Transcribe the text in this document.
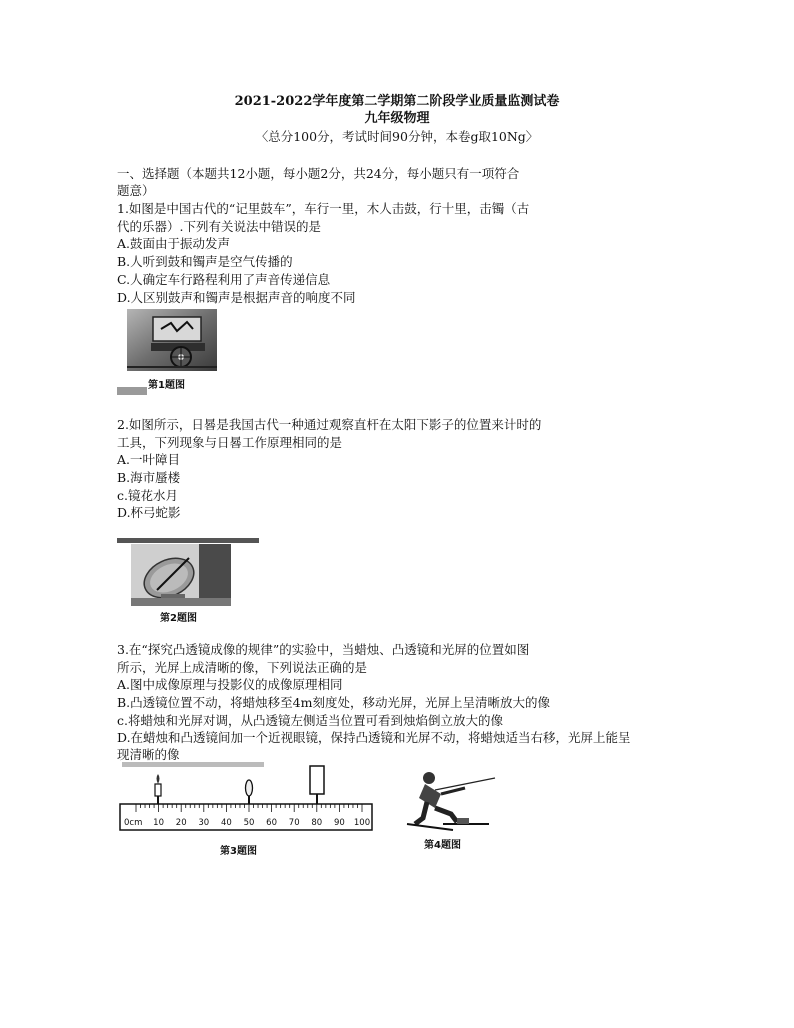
2021-2022学年度第二学期第二阶段学业质量监测试卷
九年级物理
〈总分100分，考试时间90分钟，本卷g取10Ng〉
一、选择题（本题共12小题，每小题2分，共24分，每小题只有一项符合
题意）
1.如图是中国古代的“记里鼓车”，车行一里，木人击鼓，行十里，击镯（古
代的乐器）.下列有关说法中错误的是
A.鼓面由于振动发声
B.人听到鼓和镯声是空气传播的
C.人确定车行路程利用了声音传递信息
D.人区别鼓声和镯声是根据声音的响度不同
第1题图
2.如图所示，日晷是我国古代一种通过观察直杆在太阳下影子的位置来计时的
工具，下列现象与日晷工作原理相同的是
A.一叶障目
B.海市蜃楼
c.镜花水月
D.杯弓蛇影
第2题图
3.在“探究凸透镜成像的规律”的实验中，当蜡烛、凸透镜和光屏的位置如图
所示，光屏上成清晰的像，下列说法正确的是
A.图中成像原理与投影仪的成像原理相同
B.凸透镜位置不动，将蜡烛移至4m刻度处，移动光屏，光屏上呈清晰放大的像
c.将蜡烛和光屏对调，从凸透镜左侧适当位置可看到烛焰倒立放大的像
D.在蜡烛和凸透镜间加一个近视眼镜，保持凸透镜和光屏不动，将蜡烛适当右移，光屏上能呈
现清晰的像
0cm 10 20 30 40 50 60 70 80 90 100
第3题图
第4题图
